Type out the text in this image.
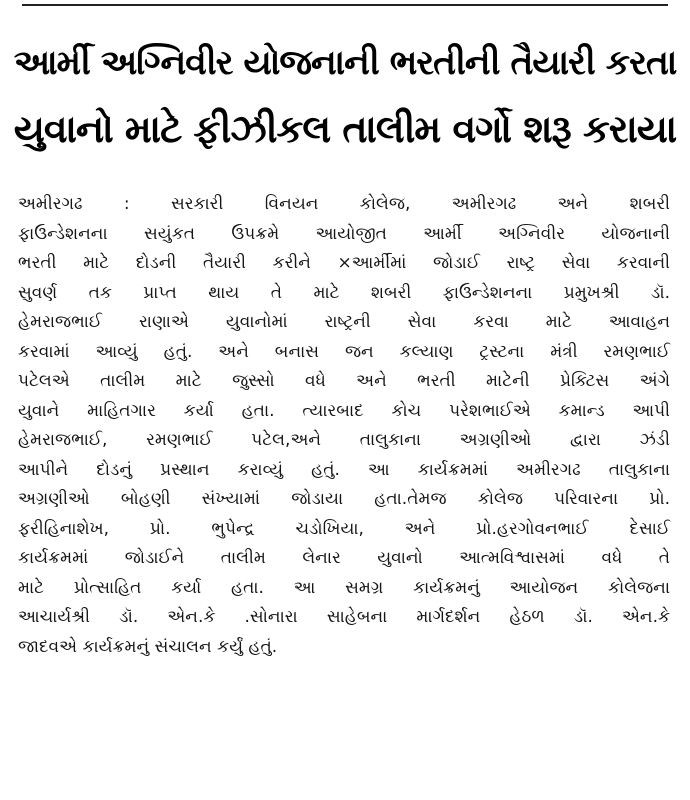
આર્મી અગ્નિવીર યોજનાની ભરતીની તૈયારી કરતા
યુવાનો માટે ફીઝીકલ તાલીમ વર્ગો શરૂ કરાયા
અમીરગઢ : સરકારી વિનયન કોલેજ, અમીરગઢ અને શબરી
ફાઉન્ડેશનના સયુંકત ઉપક્રમે આયોજીત આર્મી અગ્નિવીર યોજનાની
ભરતી માટે દોડની તૈયારી કરીને ×આર્મીમાં જોડાઈ રાષ્ટ્ર સેવા કરવાની
સુવર્ણ તક પ્રાપ્ત થાય તે માટે શબરી ફાઉન્ડેશનના પ્રમુખશ્રી ડૉ.
હેમરાજભાઈ રાણાએ યુવાનોમાં રાષ્ટ્રની સેવા કરવા માટે આવાહન
કરવામાં આવ્યું હતું. અને બનાસ જન કલ્યાણ ટ્રસ્ટના મંત્રી રમણભાઈ
પટેલએ તાલીમ માટે જુસ્સો વધે અને ભરતી માટેની પ્રેક્ટિસ અંગે
યુવાને માહિતગાર કર્યા હતા. ત્યારબાદ કોચ પરેશભાઈએ કમાન્ડ આપી
હેમરાજભાઈ, રમણભાઈ પટેલ,અને તાલુકાના અગ્રણીઓ દ્વારા ઝંડી
આપીને દોડનું પ્રસ્થાન કરાવ્યું હતું. આ કાર્યક્રમમાં અમીરગઢ તાલુકાના
અગ્રણીઓ બોહણી સંખ્યામાં જોડાયા હતા.તેમજ કોલેજ પરિવારના પ્રો.
ફરીહિનાશેખ, પ્રો. ભુપેન્દ્ર ચડોખિયા, અને પ્રો.હરગોવનભાઈ દેસાઈ
કાર્યક્રમમાં જોડાઈને તાલીમ લેનાર યુવાનો આત્મવિશ્વાસમાં વધે તે
માટે પ્રોત્સાહિત કર્યા હતા. આ સમગ્ર કાર્યક્રમનું આયોજન કોલેજના
આચાર્યશ્રી ડૉ. એન.કે .સોનારા સાહેબના માર્ગદર્શન હેઠળ ડૉ. એન.કે
જાદવએ કાર્યક્રમનું સંચાલન કર્યું હતું.
